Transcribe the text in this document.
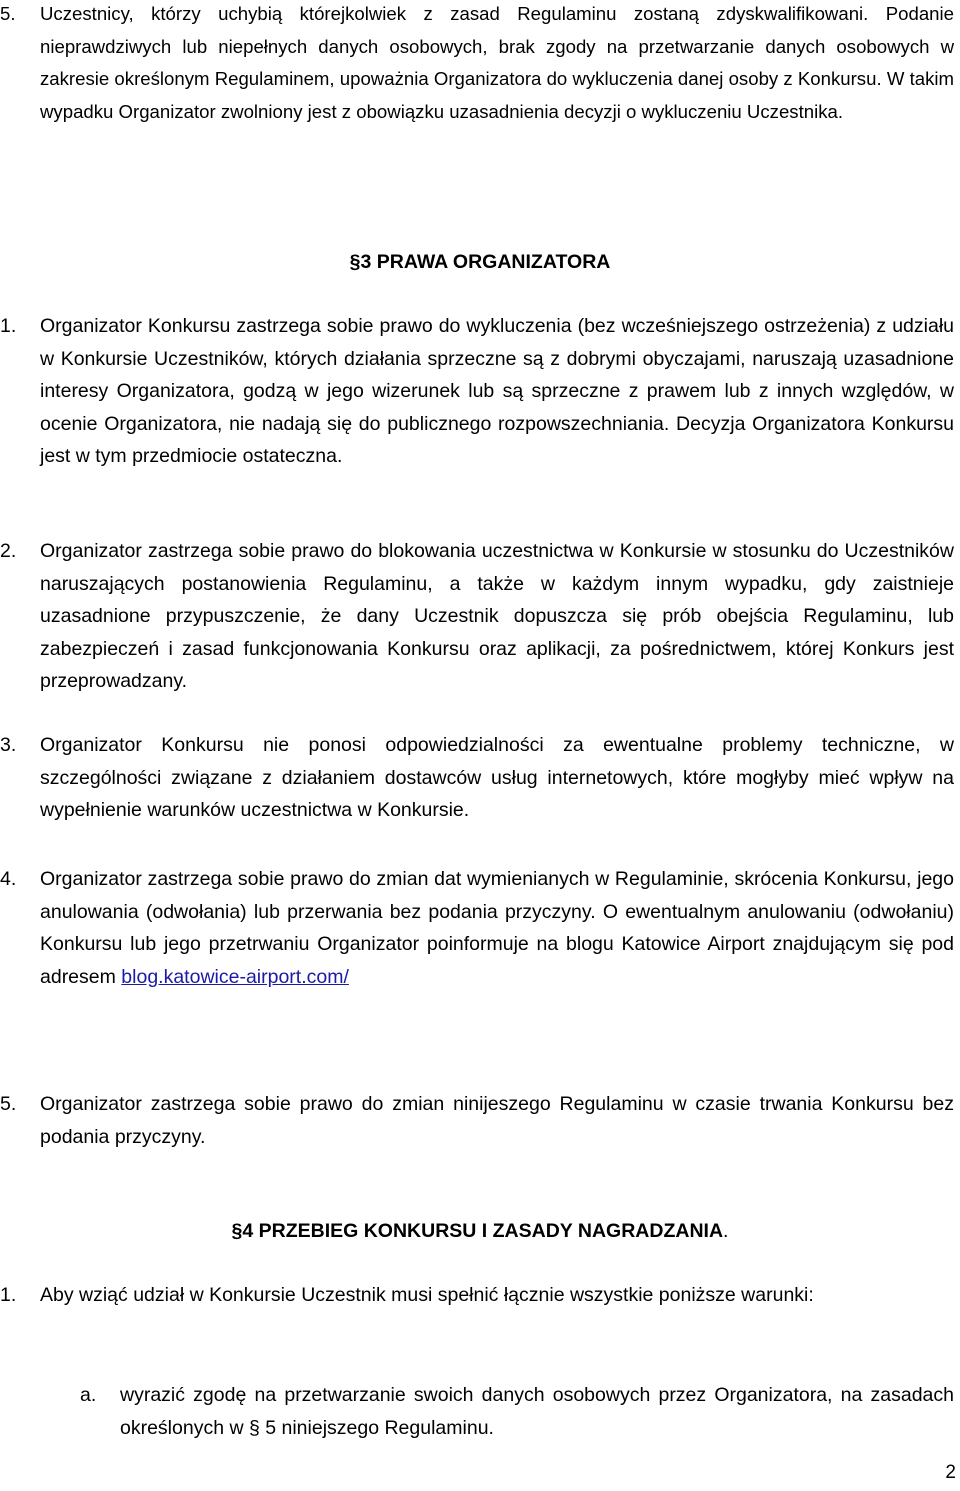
5.	Uczestnicy, którzy uchybią którejkolwiek z zasad Regulaminu zostaną zdyskwalifikowani. Podanie nieprawdziwych lub niepełnych danych osobowych, brak zgody na przetwarzanie danych osobowych w zakresie określonym Regulaminem, upoważnia Organizatora do wykluczenia danej osoby z Konkursu. W takim wypadku Organizator zwolniony jest z obowiązku uzasadnienia decyzji o wykluczeniu Uczestnika.
§3 PRAWA ORGANIZATORA
1.	Organizator Konkursu zastrzega sobie prawo do wykluczenia (bez wcześniejszego ostrzeżenia) z udziału w Konkursie Uczestników, których działania sprzeczne są z dobrymi obyczajami, naruszają uzasadnione interesy Organizatora, godzą w jego wizerunek lub są sprzeczne z prawem lub z innych względów, w ocenie Organizatora, nie nadają się do publicznego rozpowszechniania. Decyzja Organizatora Konkursu jest w tym przedmiocie ostateczna.
2.	Organizator zastrzega sobie prawo do blokowania uczestnictwa w Konkursie w stosunku do Uczestników naruszających postanowienia Regulaminu, a także w każdym innym wypadku, gdy zaistnieje uzasadnione przypuszczenie, że dany Uczestnik dopuszcza się prób obejścia Regulaminu, lub zabezpieczeń i zasad funkcjonowania Konkursu oraz aplikacji, za pośrednictwem, której Konkurs jest przeprowadzany.
3.	Organizator Konkursu nie ponosi odpowiedzialności za ewentualne problemy techniczne, w szczególności związane z działaniem dostawców usług internetowych, które mogłyby mieć wpływ na wypełnienie warunków uczestnictwa w Konkursie.
4.	Organizator zastrzega sobie prawo do zmian dat wymienianych w Regulaminie, skrócenia Konkursu, jego anulowania (odwołania) lub przerwania bez podania przyczyny. O ewentualnym anulowaniu (odwołaniu) Konkursu lub jego przetrwaniu Organizator poinformuje na blogu Katowice Airport znajdującym się pod adresem blog.katowice-airport.com/
5.	Organizator zastrzega sobie prawo do zmian ninijeszego Regulaminu w czasie trwania Konkursu bez podania przyczyny.
§4 PRZEBIEG KONKURSU I ZASADY NAGRADZANIA.
1.	Aby wziąć udział w Konkursie Uczestnik musi spełnić łącznie wszystkie poniższe warunki:
a.	wyrazić zgodę na przetwarzanie swoich danych osobowych przez Organizatora, na zasadach określonych w § 5 niniejszego Regulaminu.
2
